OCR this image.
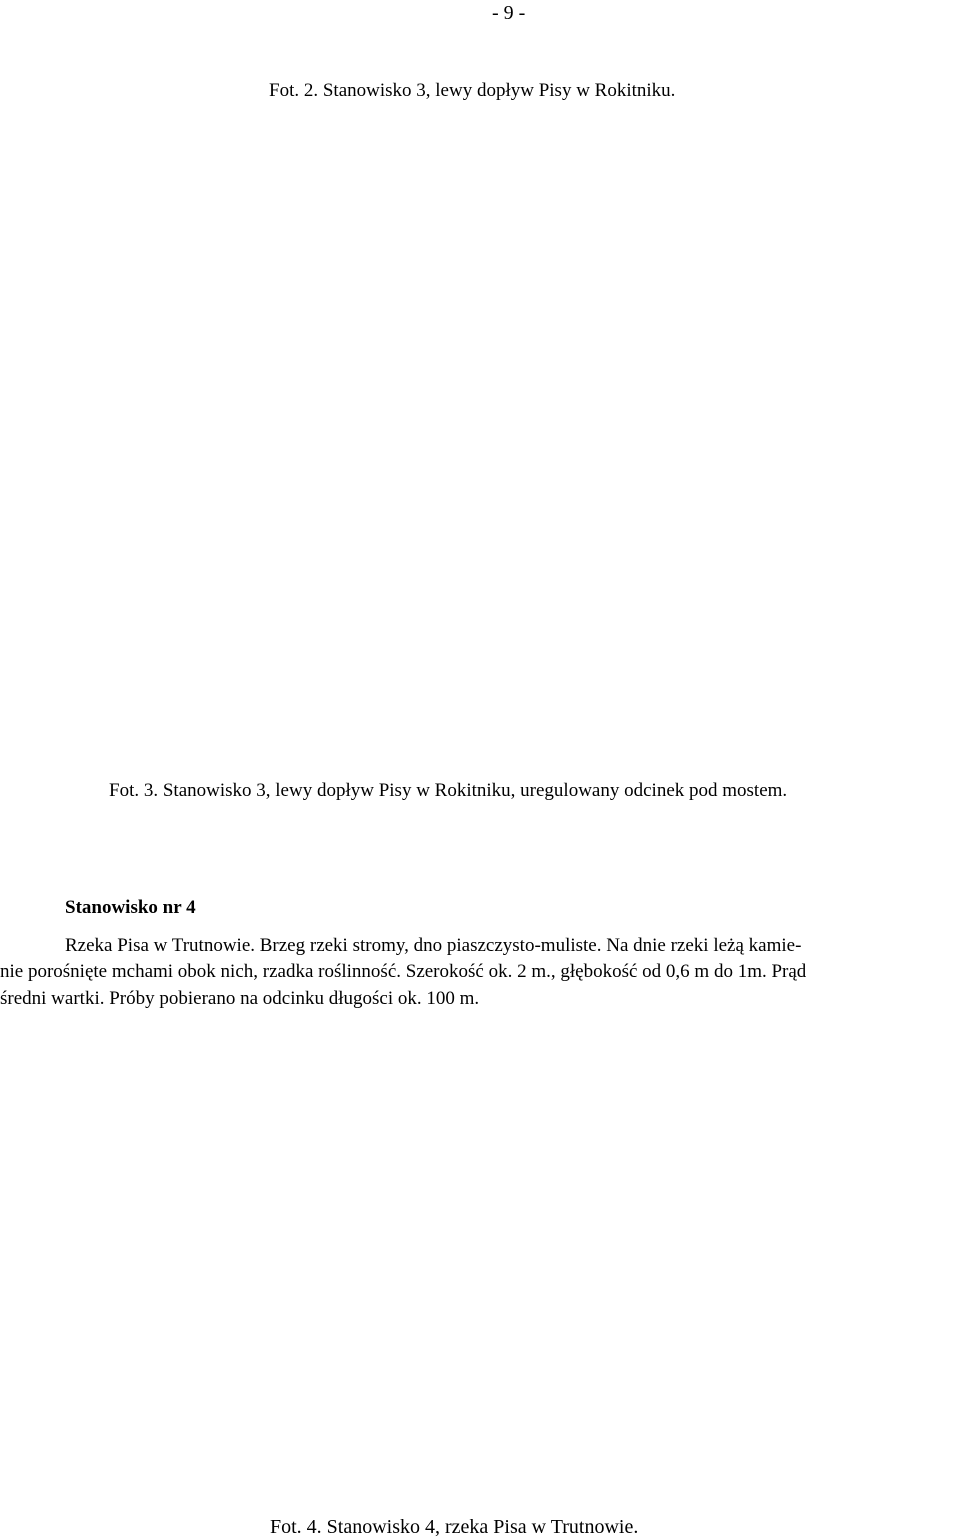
- 9 -
Fot. 2. Stanowisko 3, lewy dopływ Pisy w Rokitniku.
Fot. 3. Stanowisko 3, lewy dopływ Pisy w Rokitniku, uregulowany odcinek pod mostem.
Stanowisko nr 4
Rzeka Pisa w Trutnowie. Brzeg rzeki stromy, dno piaszczysto-muliste. Na dnie rzeki leżą kamie-
nie porośnięte mchami obok nich, rzadka roślinność. Szerokość ok. 2 m., głębokość od 0,6 m do 1m. Prąd
średni wartki. Próby pobierano na odcinku długości ok. 100 m.
Fot. 4. Stanowisko 4, rzeka Pisa w Trutnowie.
